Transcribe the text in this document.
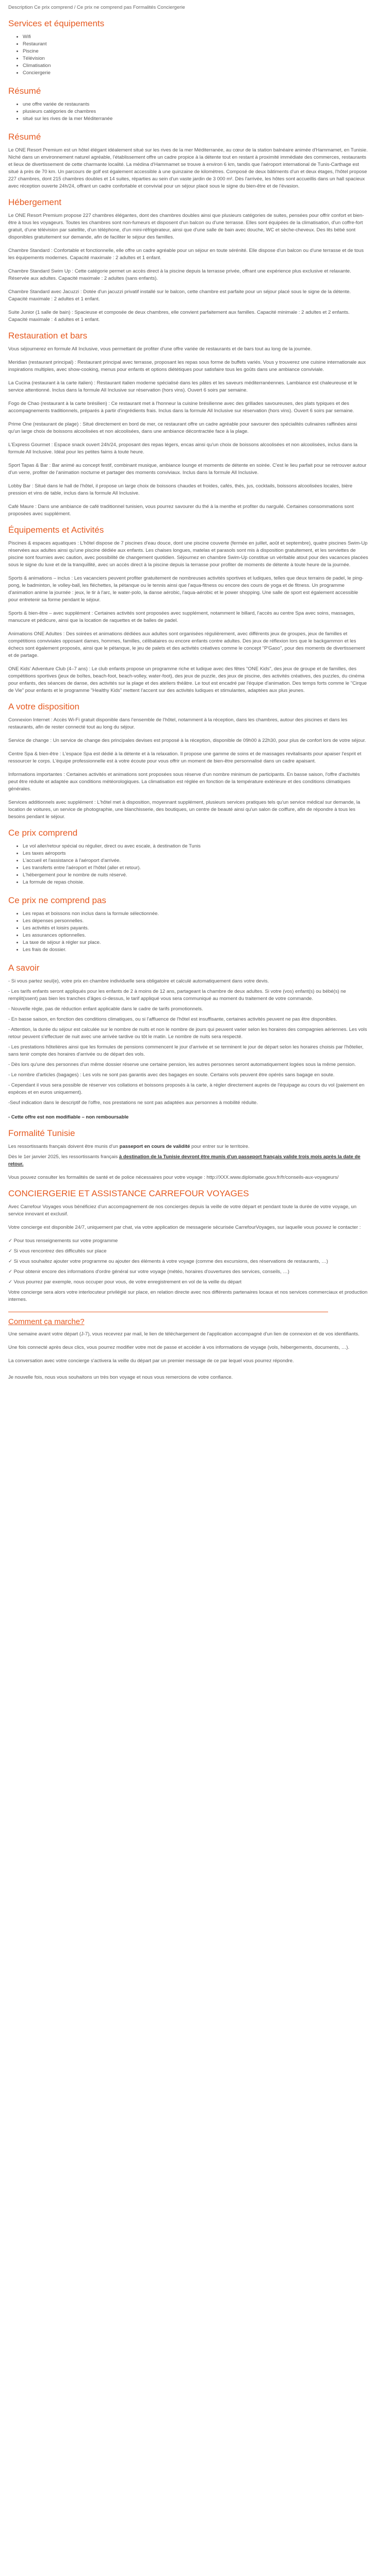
Description Ce prix comprend / Ce prix ne comprend pas Formalités Conciergerie
Services et équipements
• Wifi
• Restaurant
• Piscine
• Télévision
• Climatisation
• Conciergerie
Résumé
• une offre variée de restaurants
• plusieurs catégories de chambres
• situé sur les rives de la mer Méditerranée
Résumé

Le ONE Resort Premium est un hôtel élégant idéalement situé sur les rives de la mer Méditerranée, au cœur de la station balnéaire animée d'Hammamet, en Tunisie. Niché dans un environnement naturel agréable, l'établissement offre un cadre propice à la détente tout en restant à proximité immédiate des commerces, restaurants et lieux de divertissement de cette charmante localité. La médina d'Hammamet se trouve à environ 6 km, tandis que l'aéroport international de Tunis-Carthage est situé à près de 70 km. Un parcours de golf est également accessible à une quinzaine de kilomètres. Composé de deux bâtiments d'un et deux étages, l'hôtel propose 227 chambres, dont 215 chambres doubles et 14 suites, réparties au sein d'un vaste jardin de 3 000 m². Dès l'arrivée, les hôtes sont accueillis dans un hall spacieux avec réception ouverte 24h/24, offrant un cadre confortable et convivial pour un séjour placé sous le signe du bien-être et de l'évasion.

Hébergement

Le ONE Resort Premium propose 227 chambres élégantes, dont des chambres doubles ainsi que plusieurs catégories de suites, pensées pour offrir confort et bien-être à tous les voyageurs. Toutes les chambres sont non-fumeurs et disposent d'un balcon ou d'une terrasse. Elles sont équipées de la climatisation, d'un coffre-fort gratuit, d'une télévision par satellite, d'un téléphone, d'un mini-réfrigérateur, ainsi que d'une salle de bain avec douche, WC et sèche-cheveux. Des lits bébé sont disponibles gratuitement sur demande, afin de faciliter le séjour des familles.

Chambre Standard : Confortable et fonctionnelle, elle offre un cadre agréable pour un séjour en toute sérénité. Elle dispose d'un balcon ou d'une terrasse et de tous les équipements modernes. Capacité maximale : 2 adultes et 1 enfant.

Chambre Standard Swim Up : Cette catégorie permet un accès direct à la piscine depuis la terrasse privée, offrant une expérience plus exclusive et relaxante. Réservée aux adultes. Capacité maximale : 2 adultes (sans enfants).

Chambre Standard avec Jacuzzi : Dotée d'un jacuzzi privatif installé sur le balcon, cette chambre est parfaite pour un séjour placé sous le signe de la détente. Capacité maximale : 2 adultes et 1 enfant.

Suite Junior (1 salle de bain) : Spacieuse et composée de deux chambres, elle convient parfaitement aux familles. Capacité minimale : 2 adultes et 2 enfants. Capacité maximale : 4 adultes et 1 enfant.

Restauration et bars

Vous séjournerez en formule All Inclusive, vous permettant de profiter d'une offre variée de restaurants et de bars tout au long de la journée.

Meridian (restaurant principal) : Restaurant principal avec terrasse, proposant les repas sous forme de buffets variés. Vous y trouverez une cuisine internationale aux inspirations multiples, avec show-cooking, menus pour enfants et options diététiques pour satisfaire tous les goûts dans une ambiance conviviale.

La Cucina (restaurant à la carte italien) : Restaurant italien moderne spécialisé dans les pâtes et les saveurs méditerranéennes. Lambiance est chaleureuse et le service attentionné. Inclus dans la formule All Inclusive sur réservation (hors vins). Ouvert 6 soirs par semaine.

Fogo de Chao (restaurant à la carte brésilien) : Ce restaurant met à l'honneur la cuisine brésilienne avec des grillades savoureuses, des plats typiques et des accompagnements traditionnels, préparés à partir d'ingrédients frais. Inclus dans la formule All Inclusive sur réservation (hors vins). Ouvert 6 soirs par semaine.

Prime One (restaurant de plage) : Situé directement en bord de mer, ce restaurant offre un cadre agréable pour savourer des spécialités culinaires raffinées ainsi qu'un large choix de boissons alcoolisées et non alcoolisées, dans une ambiance décontractée face à la plage.

L'Express Gourmet : Espace snack ouvert 24h/24, proposant des repas légers, encas ainsi qu'un choix de boissons alcoolisées et non alcoolisées, inclus dans la formule All Inclusive. Idéal pour les petites faims à toute heure.

Sport Tapas & Bar : Bar animé au concept festif, combinant musique, ambiance lounge et moments de détente en soirée. C'est le lieu parfait pour se retrouver autour d'un verre, profiter de l'animation nocturne et partager des moments conviviaux. Inclus dans la formule All Inclusive.

Lobby Bar : Situé dans le hall de l'hôtel, il propose un large choix de boissons chaudes et froides, cafés, thés, jus, cocktails, boissons alcoolisées locales, bière pression et vins de table, inclus dans la formule All Inclusive.

Café Maure : Dans une ambiance de café traditionnel tunisien, vous pourrez savourer du thé à la menthe et profiter du narguilé. Certaines consommations sont proposées avec supplément.

Équipements et Activités

Piscines & espaces aquatiques : L'hôtel dispose de 7 piscines d'eau douce, dont une piscine couverte (fermée en juillet, août et septembre), quatre piscines Swim-Up réservées aux adultes ainsi qu'une piscine dédiée aux enfants. Les chaises longues, matelas et parasols sont mis à disposition gratuitement, et les serviettes de piscine sont fournies avec caution, avec possibilité de changement quotidien. Séjournez en chambre Swim-Up constitue un véritable atout pour des vacances placées sous le signe du luxe et de la tranquillité, avec un accès direct à la piscine depuis la terrasse pour profiter de moments de détente à toute heure de la journée.

Sports & animations – inclus : Les vacanciers peuvent profiter gratuitement de nombreuses activités sportives et ludiques, telles que deux terrains de padel, le ping-pong, le badminton, le volley-ball, les fléchettes, la pétanque ou le tennis ainsi que l'aqua-fitness ou encore des cours de yoga et de fitness. Un programme d'animation anime la journée : jeux, le tir à l'arc, le water-polo, la danse aérobic, l'aqua-aérobic et le power shopping. Une salle de sport est également accessible pour entretenir sa forme pendant le séjour.

Sports & bien-être – avec supplément : Certaines activités sont proposées avec supplément, notamment le billard, l'accès au centre Spa avec soins, massages, manucure et pédicure, ainsi que la location de raquettes et de balles de padel.

Animations ONE Adultes : Des soirées et animations dédiées aux adultes sont organisées régulièrement, avec différents jeux de groupes, jeux de familles et compétitions conviviales opposant dames, hommes, familles, célibataires ou encore enfants contre adultes. Des jeux de réflexion lors que le backgammon et les échecs sont également proposés, ainsi que le pétanque, le jeu de palets et des activités créatives comme le concept "P'Gaso", pour des moments de divertissement et de partage.

ONE Kids' Adventure Club (4–7 ans) : Le club enfants propose un programme riche et ludique avec des fêtes "ONE Kids", des jeux de groupe et de familles, des compétitions sportives (jeux de boîtes, beach-foot, beach-volley, water-foot), des jeux de puzzle, des jeux de piscine, des activités créatives, des puzzles, du cinéma pour enfants, des séances de danse, des activités sur la plage et des ateliers théâtre. Le tout est encadré par l'équipe d'animation. Des temps forts comme le "Cirque de Vie" pour enfants et le programme "Healthy Kids" mettent l'accent sur des activités ludiques et stimulantes, adaptées aux plus jeunes.

A votre disposition

Connexion Internet : Accès Wi-Fi gratuit disponible dans l'ensemble de l'hôtel, notamment à la réception, dans les chambres, autour des piscines et dans les restaurants, afin de rester connecté tout au long du séjour.

Service de change : Un service de change des principales devises est proposé à la réception, disponible de 09h00 à 22h30, pour plus de confort lors de votre séjour.

Centre Spa & bien-être : L'espace Spa est dédié à la détente et à la relaxation. Il propose une gamme de soins et de massages revitalisants pour apaiser l'esprit et ressourcer le corps. L'équipe professionnelle est à votre écoute pour vous offrir un moment de bien-être personnalisé dans un cadre apaisant.

Informations importantes : Certaines activités et animations sont proposées sous réserve d'un nombre minimum de participants. En basse saison, l'offre d'activités peut être réduite et adaptée aux conditions météorologiques. La climatisation est réglée en fonction de la température extérieure et des conditions climatiques générales.

Services additionnels avec supplément : L'hôtel met à disposition, moyennant supplément, plusieurs services pratiques tels qu'un service médical sur demande, la location de voitures, un service de photographie, une blanchisserie, des boutiques, un centre de beauté ainsi qu'un salon de coiffure, afin de répondre à tous les besoins pendant le séjour.

Ce prix comprend
• Le vol aller/retour spécial ou régulier, direct ou avec escale, à destination de Tunis
• Les taxes aéroports
• L'accueil et l'assistance à l'aéroport d'arrivée.
• Les transferts entre l'aéroport et l'hôtel (aller et retour).
• L'hébergement pour le nombre de nuits réservé.
• La formule de repas choisie.
Ce prix ne comprend pas
• Les repas et boissons non inclus dans la formule sélectionnée.
• Les dépenses personnelles.
• Les activités et loisirs payants.
• Les assurances optionnelles.
• La taxe de séjour à régler sur place.
• Les frais de dossier.
A savoir

- Si vous partez seul(e), votre prix en chambre individuelle sera obligatoire et calculé automatiquement dans votre devis.

- Les tarifs enfants seront appliqués pour les enfants de 2 à moins de 12 ans, partageant la chambre de deux adultes. Si votre (vos) enfant(s) ou bébé(s) ne remplit(ssent) pas bien les tranches d'âges ci-dessus, le tarif appliqué vous sera communiqué au moment du traitement de votre commande.

- Nouvelle règle, pas de réduction enfant applicable dans le cadre de tarifs promotionnels.

- En basse saison, en fonction des conditions climatiques, ou si l'affluence de l'hôtel est insuffisante, certaines activités peuvent ne pas être disponibles.

- Attention, la durée du séjour est calculée sur le nombre de nuits et non le nombre de jours qui peuvent varier selon les horaires des compagnies aériennes. Les vols retour peuvent s'effectuer de nuit avec une arrivée tardive ou tôt le matin. Le nombre de nuits sera respecté.

- Les prestations hôtelières ainsi que les formules de pensions commencent le jour d'arrivée et se terminent le jour de départ selon les horaires choisis par l'hôtelier, sans tenir compte des horaires d'arrivée ou de départ des vols.

- Dès lors qu'une des personnes d'un même dossier réserve une certaine pension, les autres personnes seront automatiquement logées sous la même pension.

- Le nombre d'articles (bagages) : Les vols ne sont pas garantis avec des bagages en soute. Certains vols peuvent être opérés sans bagage en soute.

- Cependant il vous sera possible de réserver vos collations et boissons proposés à la carte, à régler directement auprès de l'équipage au cours du vol (paiement en espèces et en euros uniquement).

-Seuf indication dans le descriptif de l'offre, nos prestations ne sont pas adaptées aux personnes à mobilité réduite.

- Cette offre est non modifiable – non remboursable

Formalité Tunisie

Les ressortissants français doivent être munis d'un passeport en cours de validité pour entrer sur le territoire.

Dès le 1er janvier 2025, les ressortissants français à destination de la Tunisie devront être munis d'un passeport français valide trois mois après la date de retour.

Vous pouvez consulter les formalités de santé et de police nécessaires pour votre voyage : http://XXX.www.diplomatie.gouv.fr/fr/conseils-aux-voyageurs/

CONCIERGERIE ET ASSISTANCE CARREFOUR VOYAGES

Avec Carrefour Voyages vous bénéficiez d'un accompagnement de nos concierges depuis la veille de votre départ et pendant toute la durée de votre voyage, un service innovant et exclusif.

Votre concierge est disponible 24/7, uniquement par chat, via votre application de messagerie sécurisée CarrefourVoyages, sur laquelle vous pouvez le contacter :

✓ Pour tous renseignements sur votre programme

✓ Si vous rencontrez des difficultés sur place

✓ Si vous souhaitez ajouter votre programme ou ajouter des éléments à votre voyage (comme des excursions, des réservations de restaurants, …)

✓ Pour obtenir encore des informations d'ordre général sur votre voyage (météo, horaires d'ouvertures des services, conseils, …)

✓ Vous pourrez par exemple, nous occuper pour vous, de votre enregistrement en vol de la veille du départ

Votre concierge sera alors votre interlocuteur privilégié sur place, en relation directe avec nos différents partenaires locaux et nos services commerciaux et production internes.

Comment ça marche?

Une semaine avant votre départ (J-7), vous recevrez par mail, le lien de téléchargement de l'application accompagné d'un lien de connexion et de vos identifiants.

Une fois connecté après deux clics, vous pourrez modifier votre mot de passe et accéder à vos informations de voyage (vols, hébergements, documents, …).

La conversation avec votre concierge s'activera la veille du départ par un premier message de ce par lequel vous pourrez répondre.

Je nouvelle fois, nous vous souhaitons un très bon voyage et nous vous remercions de votre confiance.
